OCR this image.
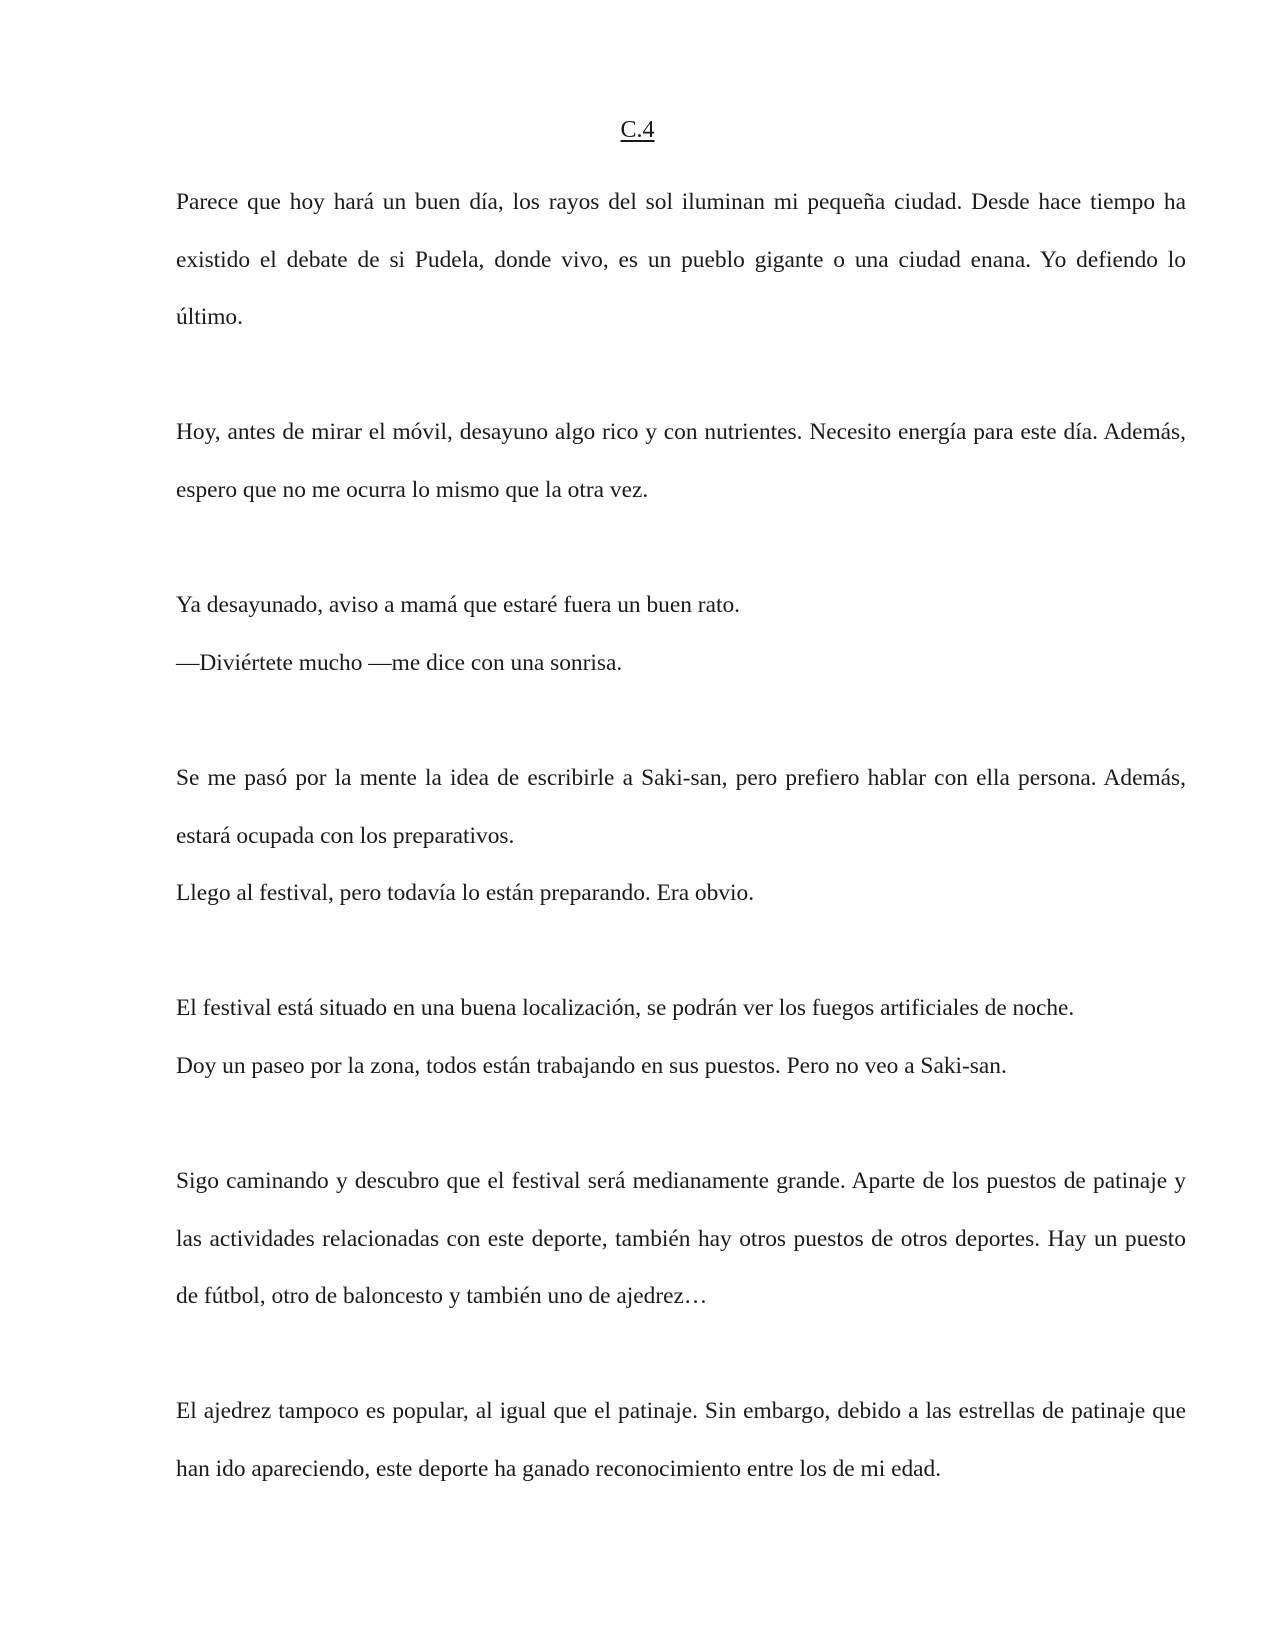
C.4

Parece que hoy hará un buen día, los rayos del sol iluminan mi pequeña ciudad. Desde hace tiempo ha existido el debate de si Pudela, donde vivo, es un pueblo gigante o una ciudad enana. Yo defiendo lo último.

Hoy, antes de mirar el móvil, desayuno algo rico y con nutrientes. Necesito energía para este día. Además, espero que no me ocurra lo mismo que la otra vez.

Ya desayunado, aviso a mamá que estaré fuera un buen rato.

—Diviértete mucho —me dice con una sonrisa.

Se me pasó por la mente la idea de escribirle a Saki-san, pero prefiero hablar con ella persona. Además, estará ocupada con los preparativos.

Llego al festival, pero todavía lo están preparando. Era obvio.

El festival está situado en una buena localización, se podrán ver los fuegos artificiales de noche.

Doy un paseo por la zona, todos están trabajando en sus puestos. Pero no veo a Saki-san.

Sigo caminando y descubro que el festival será medianamente grande. Aparte de los puestos de patinaje y las actividades relacionadas con este deporte, también hay otros puestos de otros deportes. Hay un puesto de fútbol, otro de baloncesto y también uno de ajedrez…

El ajedrez tampoco es popular, al igual que el patinaje. Sin embargo, debido a las estrellas de patinaje que han ido apareciendo, este deporte ha ganado reconocimiento entre los de mi edad.
